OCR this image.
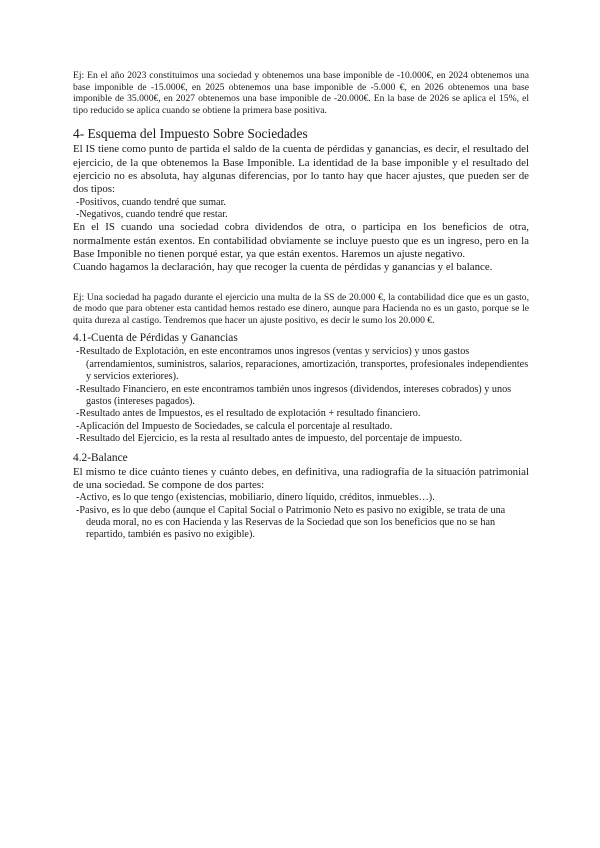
Ej: En el año 2023 constituimos una sociedad y obtenemos una base imponible de -10.000€, en 2024 obtenemos una base imponible de -15.000€, en 2025 obtenemos una base imponible de -5.000 €, en 2026 obtenemos una base imponible de 35.000€, en 2027 obtenemos una base imponible de -20.000€. En la base de 2026 se aplica el 15%, el tipo reducido se aplica cuando se obtiene la primera base positiva.

4- Esquema del Impuesto Sobre Sociedades

El IS tiene como punto de partida el saldo de la cuenta de pérdidas y ganancias, es decir, el resultado del ejercicio, de la que obtenemos la Base Imponible. La identidad de la base imponible y el resultado del ejercicio no es absoluta, hay algunas diferencias, por lo tanto hay que hacer ajustes, que pueden ser de dos tipos:

-Positivos, cuando tendré que sumar.

-Negativos, cuando tendré que restar.

En el IS cuando una sociedad cobra dividendos de otra, o participa en los beneficios de otra, normalmente están exentos. En contabilidad obviamente se incluye puesto que es un ingreso, pero en la Base Imponible no tienen porqué estar, ya que están exentos. Haremos un ajuste negativo.

Cuando hagamos la declaración, hay que recoger la cuenta de pérdidas y ganancias y el balance.

Ej: Una sociedad ha pagado durante el ejercicio una multa de la SS de 20.000 €, la contabilidad dice que es un gasto, de modo que para obtener esta cantidad hemos restado ese dinero, aunque para Hacienda no es un gasto, porque se le quita dureza al castigo. Tendremos que hacer un ajuste positivo, es decir le sumo los 20.000 €.

4.1-Cuenta de Pérdidas y Ganancias

-Resultado de Explotación, en este encontramos unos ingresos (ventas y servicios) y unos gastos (arrendamientos, suministros, salarios, reparaciones, amortización, transportes, profesionales independientes y servicios exteriores).

-Resultado Financiero, en este encontramos también unos ingresos (dividendos, intereses cobrados) y unos gastos (intereses pagados).

-Resultado antes de Impuestos, es el resultado de explotación + resultado financiero.

-Aplicación del Impuesto de Sociedades, se calcula el porcentaje al resultado.

-Resultado del Ejercicio, es la resta al resultado antes de impuesto, del porcentaje de impuesto.

4.2-Balance

El mismo te dice cuánto tienes y cuánto debes, en definitiva, una radiografía de la situación patrimonial de una sociedad. Se compone de dos partes:

-Activo, es lo que tengo (existencias, mobiliario, dinero líquido, créditos, inmuebles…).

-Pasivo, es lo que debo (aunque el Capital Social o Patrimonio Neto es pasivo no exigible, se trata de una deuda moral, no es con Hacienda y las Reservas de la Sociedad que son los beneficios que no se han repartido, también es pasivo no exigible).
